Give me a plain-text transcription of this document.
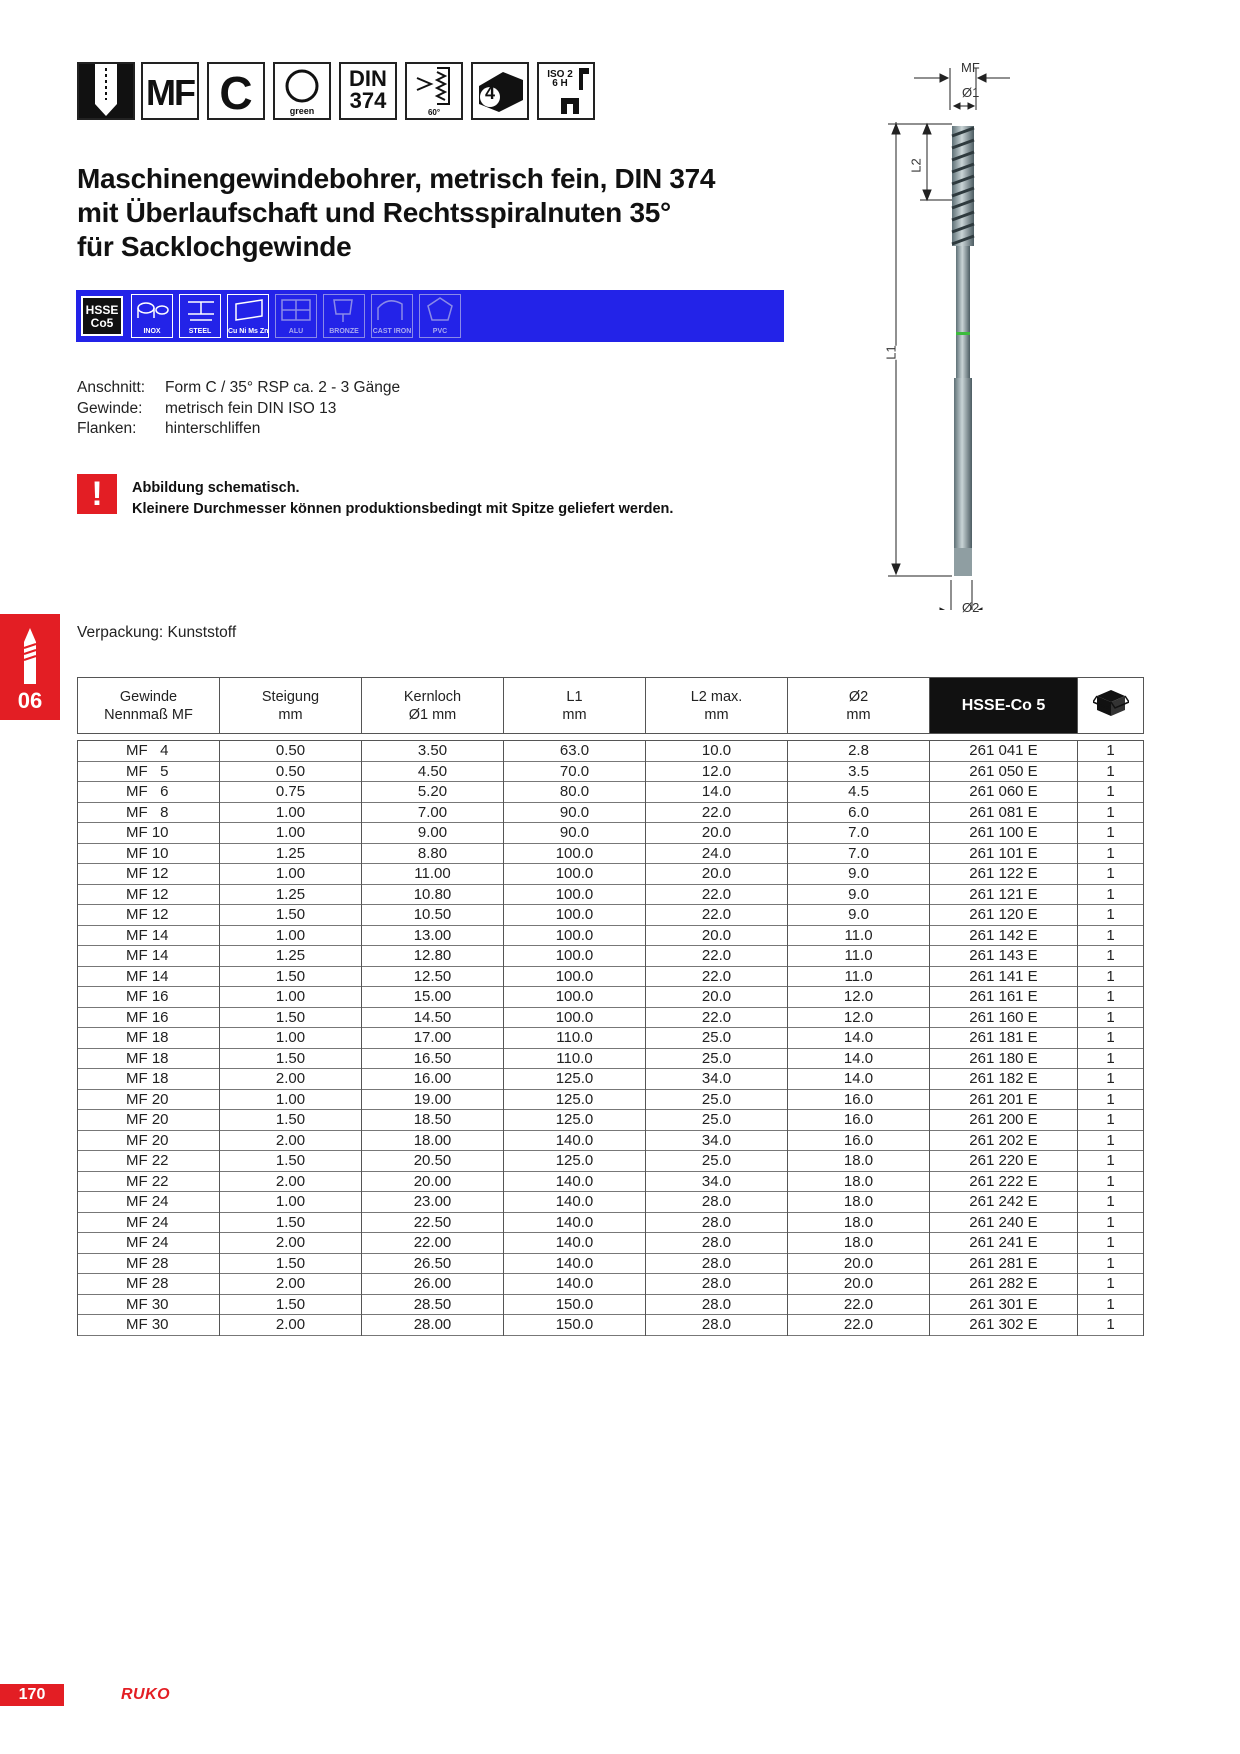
MF C	green
DIN
374	60°
4
ISO 2
6 H
Maschinengewindebohrer, metrisch fein, DIN 374
mit Überlaufschaft und Rechtsspiralnuten 35°
für Sacklochgewinde
HSSE
Co5
INOX	STEEL	Cu Ni Ms Zn	ALU	BRONZE	CAST IRON	PVC
Anschnitt: Form C / 35° RSP ca. 2 - 3 Gänge
Gewinde: metrisch fein DIN ISO 13
Flanken: hinterschliffen
!	Abbildung schematisch.
Kleinere Durchmesser können produktionsbedingt mit Spitze geliefert werden.
MF
Ø1
L2
L1
Ø2
06
Verpackung: Kunststoff
Gewinde
Nennmaß MF

Steigung
mm

Kernloch
Ø1 mm

L1
mm

L2 max.
mm

Ø2
mm

HSSE-Co 5

MF   4	0.50	3.50	63.0	10.0	2.8	261 041 E	1
MF   5	0.50	4.50	70.0	12.0	3.5	261 050 E	1
MF   6	0.75	5.20	80.0	14.0	4.5	261 060 E	1
MF   8	1.00	7.00	90.0	22.0	6.0	261 081 E	1
MF 10	1.00	9.00	90.0	20.0	7.0	261 100 E	1
MF 10	1.25	8.80	100.0	24.0	7.0	261 101 E	1
MF 12	1.00	11.00	100.0	20.0	9.0	261 122 E	1
MF 12	1.25	10.80	100.0	22.0	9.0	261 121 E	1
MF 12	1.50	10.50	100.0	22.0	9.0	261 120 E	1
MF 14	1.00	13.00	100.0	20.0	11.0	261 142 E	1
MF 14	1.25	12.80	100.0	22.0	11.0	261 143 E	1
MF 14	1.50	12.50	100.0	22.0	11.0	261 141 E	1
MF 16	1.00	15.00	100.0	20.0	12.0	261 161 E	1
MF 16	1.50	14.50	100.0	22.0	12.0	261 160 E	1
MF 18	1.00	17.00	110.0	25.0	14.0	261 181 E	1
MF 18	1.50	16.50	110.0	25.0	14.0	261 180 E	1
MF 18	2.00	16.00	125.0	34.0	14.0	261 182 E	1
MF 20	1.00	19.00	125.0	25.0	16.0	261 201 E	1
MF 20	1.50	18.50	125.0	25.0	16.0	261 200 E	1
MF 20	2.00	18.00	140.0	34.0	16.0	261 202 E	1
MF 22	1.50	20.50	125.0	25.0	18.0	261 220 E	1
MF 22	2.00	20.00	140.0	34.0	18.0	261 222 E	1
MF 24	1.00	23.00	140.0	28.0	18.0	261 242 E	1
MF 24	1.50	22.50	140.0	28.0	18.0	261 240 E	1
MF 24	2.00	22.00	140.0	28.0	18.0	261 241 E	1
MF 28	1.50	26.50	140.0	28.0	20.0	261 281 E	1
MF 28	2.00	26.00	140.0	28.0	20.0	261 282 E	1
MF 30	1.50	28.50	150.0	28.0	22.0	261 301 E	1
MF 30	2.00	28.00	150.0	28.0	22.0	261 302 E	1
170	RUKO
